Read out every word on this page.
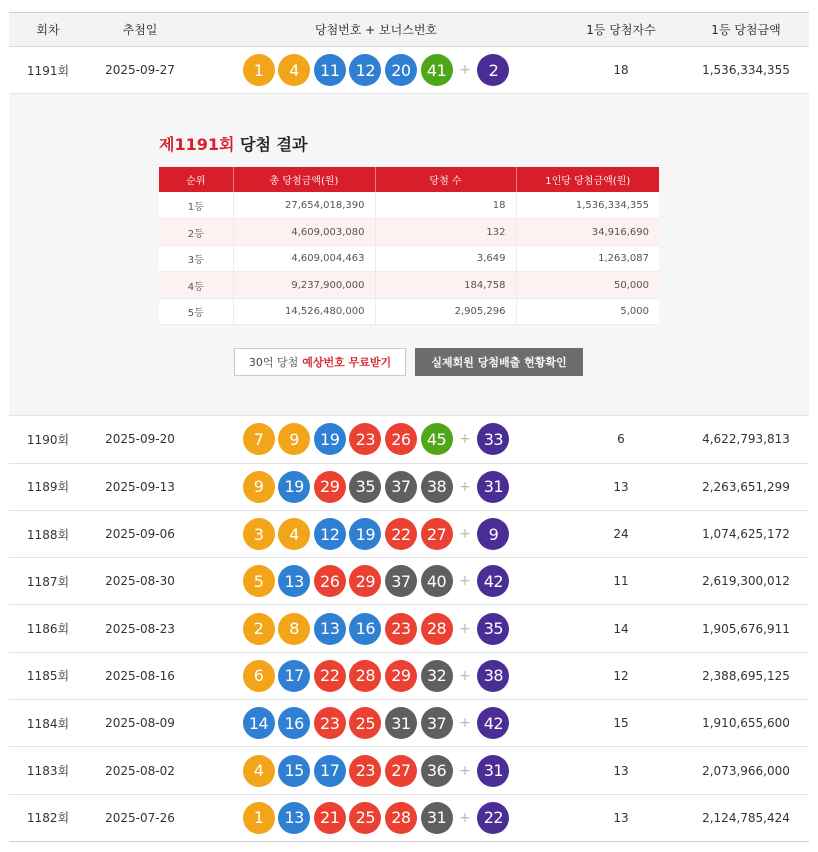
회차	추첨일	당첨번호 + 보너스번호	1등 당첨자수	1등 당첨금액
1191회	2025-09-27	1	4	11	12	20	41 +	2	18	1,536,334,355
제1191회 당첨 결과
순위	총 당첨금액(원)	당첨 수	1인당 당첨금액(원)
1등	27,654,018,390	18	1,536,334,355
2등	4,609,003,080	132	34,916,690
3등	4,609,004,463	3,649	1,263,087
4등	9,237,900,000	184,758	50,000
5등	14,526,480,000	2,905,296	5,000
30억 당첨 예상번호 무료받기	실제회원 당첨배출 현황확인
1190회	2025-09-20	7	9	19	23	26	45 + 33	6	4,622,793,813
1189회	2025-09-13	9	19	29	35	37	38 + 31	13	2,263,651,299
1188회	2025-09-06	3	4	12	19	22	27 +	9	24	1,074,625,172
1187회	2025-08-30	5	13	26	29	37	40 + 42	11	2,619,300,012
1186회	2025-08-23	2	8	13	16	23	28 + 35	14	1,905,676,911
1185회	2025-08-16	6	17	22	28	29	32 + 38	12	2,388,695,125
1184회	2025-08-09	14	16	23	25	31	37 + 42	15	1,910,655,600
1183회	2025-08-02	4	15	17	23	27	36 + 31	13	2,073,966,000
1182회	2025-07-26	1	13	21	25	28	31 + 22	13	2,124,785,424
